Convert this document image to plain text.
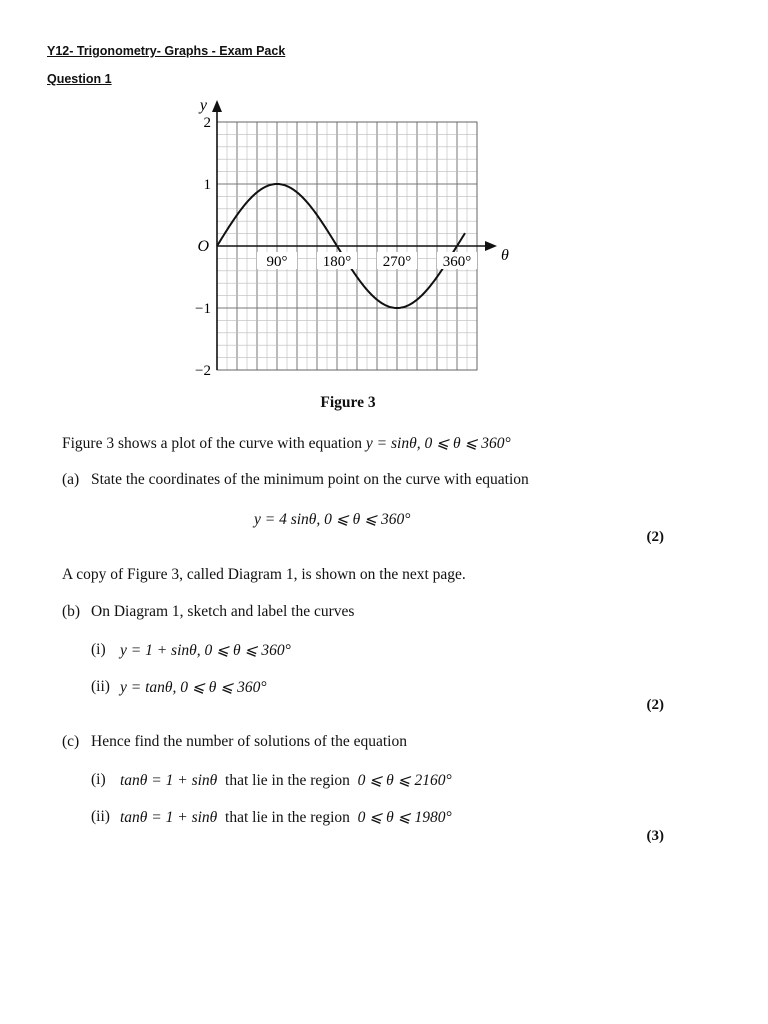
Y12- Trigonometry- Graphs - Exam Pack
Question 1
2
1
−1
−2
90° 180° 270° 360°
O
y
θ
Figure 3
Figure 3 shows a plot of the curve with equation y = sinθ, 0 ⩽ θ ⩽ 360°
(a) State the coordinates of the minimum point on the curve with equation
y = 4 sinθ, 0 ⩽ θ ⩽ 360°
(2)
A copy of Figure 3, called Diagram 1, is shown on the next page.
(b) On Diagram 1, sketch and label the curves
(i) y = 1 + sinθ, 0 ⩽ θ ⩽ 360°
(ii) y = tanθ, 0 ⩽ θ ⩽ 360°
(2)
(c) Hence find the number of solutions of the equation
(i) tanθ = 1 + sinθ that lie in the region 0 ⩽ θ ⩽ 2160°
(ii) tanθ = 1 + sinθ that lie in the region 0 ⩽ θ ⩽ 1980°
(3)
